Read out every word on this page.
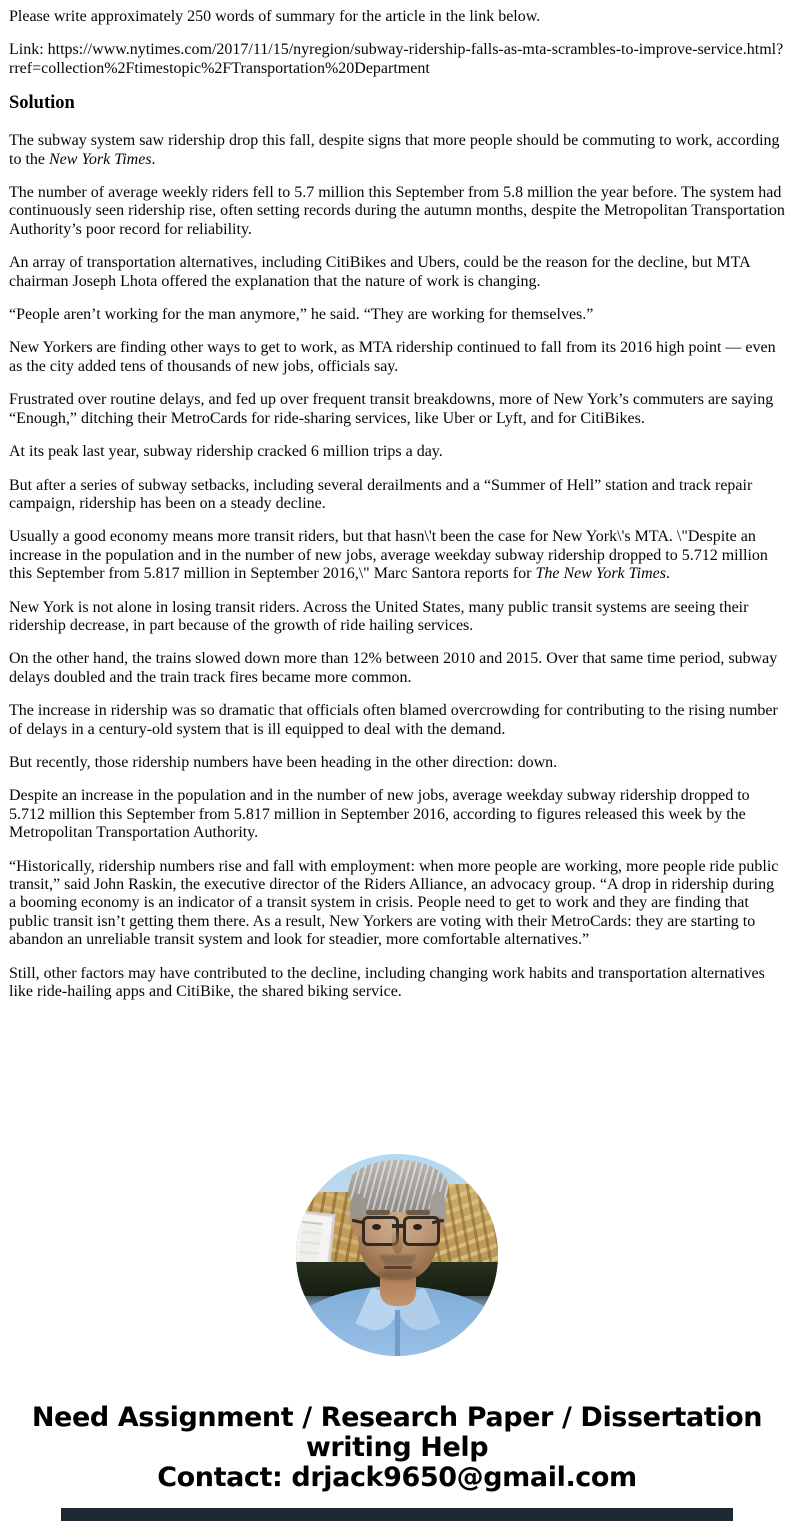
Please write approximately 250 words of summary for the article in the link below.

Link: https://www.nytimes.com/2017/11/15/nyregion/subway-ridership-falls-as-mta-scrambles-to-improve-service.html?rref=collection%2Ftimestopic%2FTransportation%20Department

Solution

The subway system saw ridership drop this fall, despite signs that more people should be commuting to work, according to the New York Times.

The number of average weekly riders fell to 5.7 million this September from 5.8 million the year before. The system had continuously seen ridership rise, often setting records during the autumn months, despite the Metropolitan Transportation Authority’s poor record for reliability.

An array of transportation alternatives, including CitiBikes and Ubers, could be the reason for the decline, but MTA chairman Joseph Lhota offered the explanation that the nature of work is changing.

“People aren’t working for the man anymore,” he said. “They are working for themselves.”

New Yorkers are finding other ways to get to work, as MTA ridership continued to fall from its 2016 high point — even as the city added tens of thousands of new jobs, officials say.

Frustrated over routine delays, and fed up over frequent transit breakdowns, more of New York’s commuters are saying “Enough,” ditching their MetroCards for ride-sharing services, like Uber or Lyft, and for CitiBikes.

At its peak last year, subway ridership cracked 6 million trips a day.

But after a series of subway setbacks, including several derailments and a “Summer of Hell” station and track repair campaign, ridership has been on a steady decline.

Usually a good economy means more transit riders, but that hasn\'t been the case for New York\'s MTA. \"Despite an increase in the population and in the number of new jobs, average weekday subway ridership dropped to 5.712 million this September from 5.817 million in September 2016,\" Marc Santora reports for The New York Times.

New York is not alone in losing transit riders. Across the United States, many public transit systems are seeing their ridership decrease, in part because of the growth of ride hailing services.

On the other hand, the trains slowed down more than 12% between 2010 and 2015. Over that same time period, subway delays doubled and the train track fires became more common.

The increase in ridership was so dramatic that officials often blamed overcrowding for contributing to the rising number of delays in a century-old system that is ill equipped to deal with the demand.

But recently, those ridership numbers have been heading in the other direction: down.

Despite an increase in the population and in the number of new jobs, average weekday subway ridership dropped to 5.712 million this September from 5.817 million in September 2016, according to figures released this week by the Metropolitan Transportation Authority.

“Historically, ridership numbers rise and fall with employment: when more people are working, more people ride public transit,” said John Raskin, the executive director of the Riders Alliance, an advocacy group. “A drop in ridership during a booming economy is an indicator of a transit system in crisis. People need to get to work and they are finding that public transit isn’t getting them there. As a result, New Yorkers are voting with their MetroCards: they are starting to abandon an unreliable transit system and look for steadier, more comfortable alternatives.”

Still, other factors may have contributed to the decline, including changing work habits and transportation alternatives like ride-hailing apps and CitiBike, the shared biking service.

Need Assignment / Research Paper / Dissertation writing Help
Contact: drjack9650@gmail.com
